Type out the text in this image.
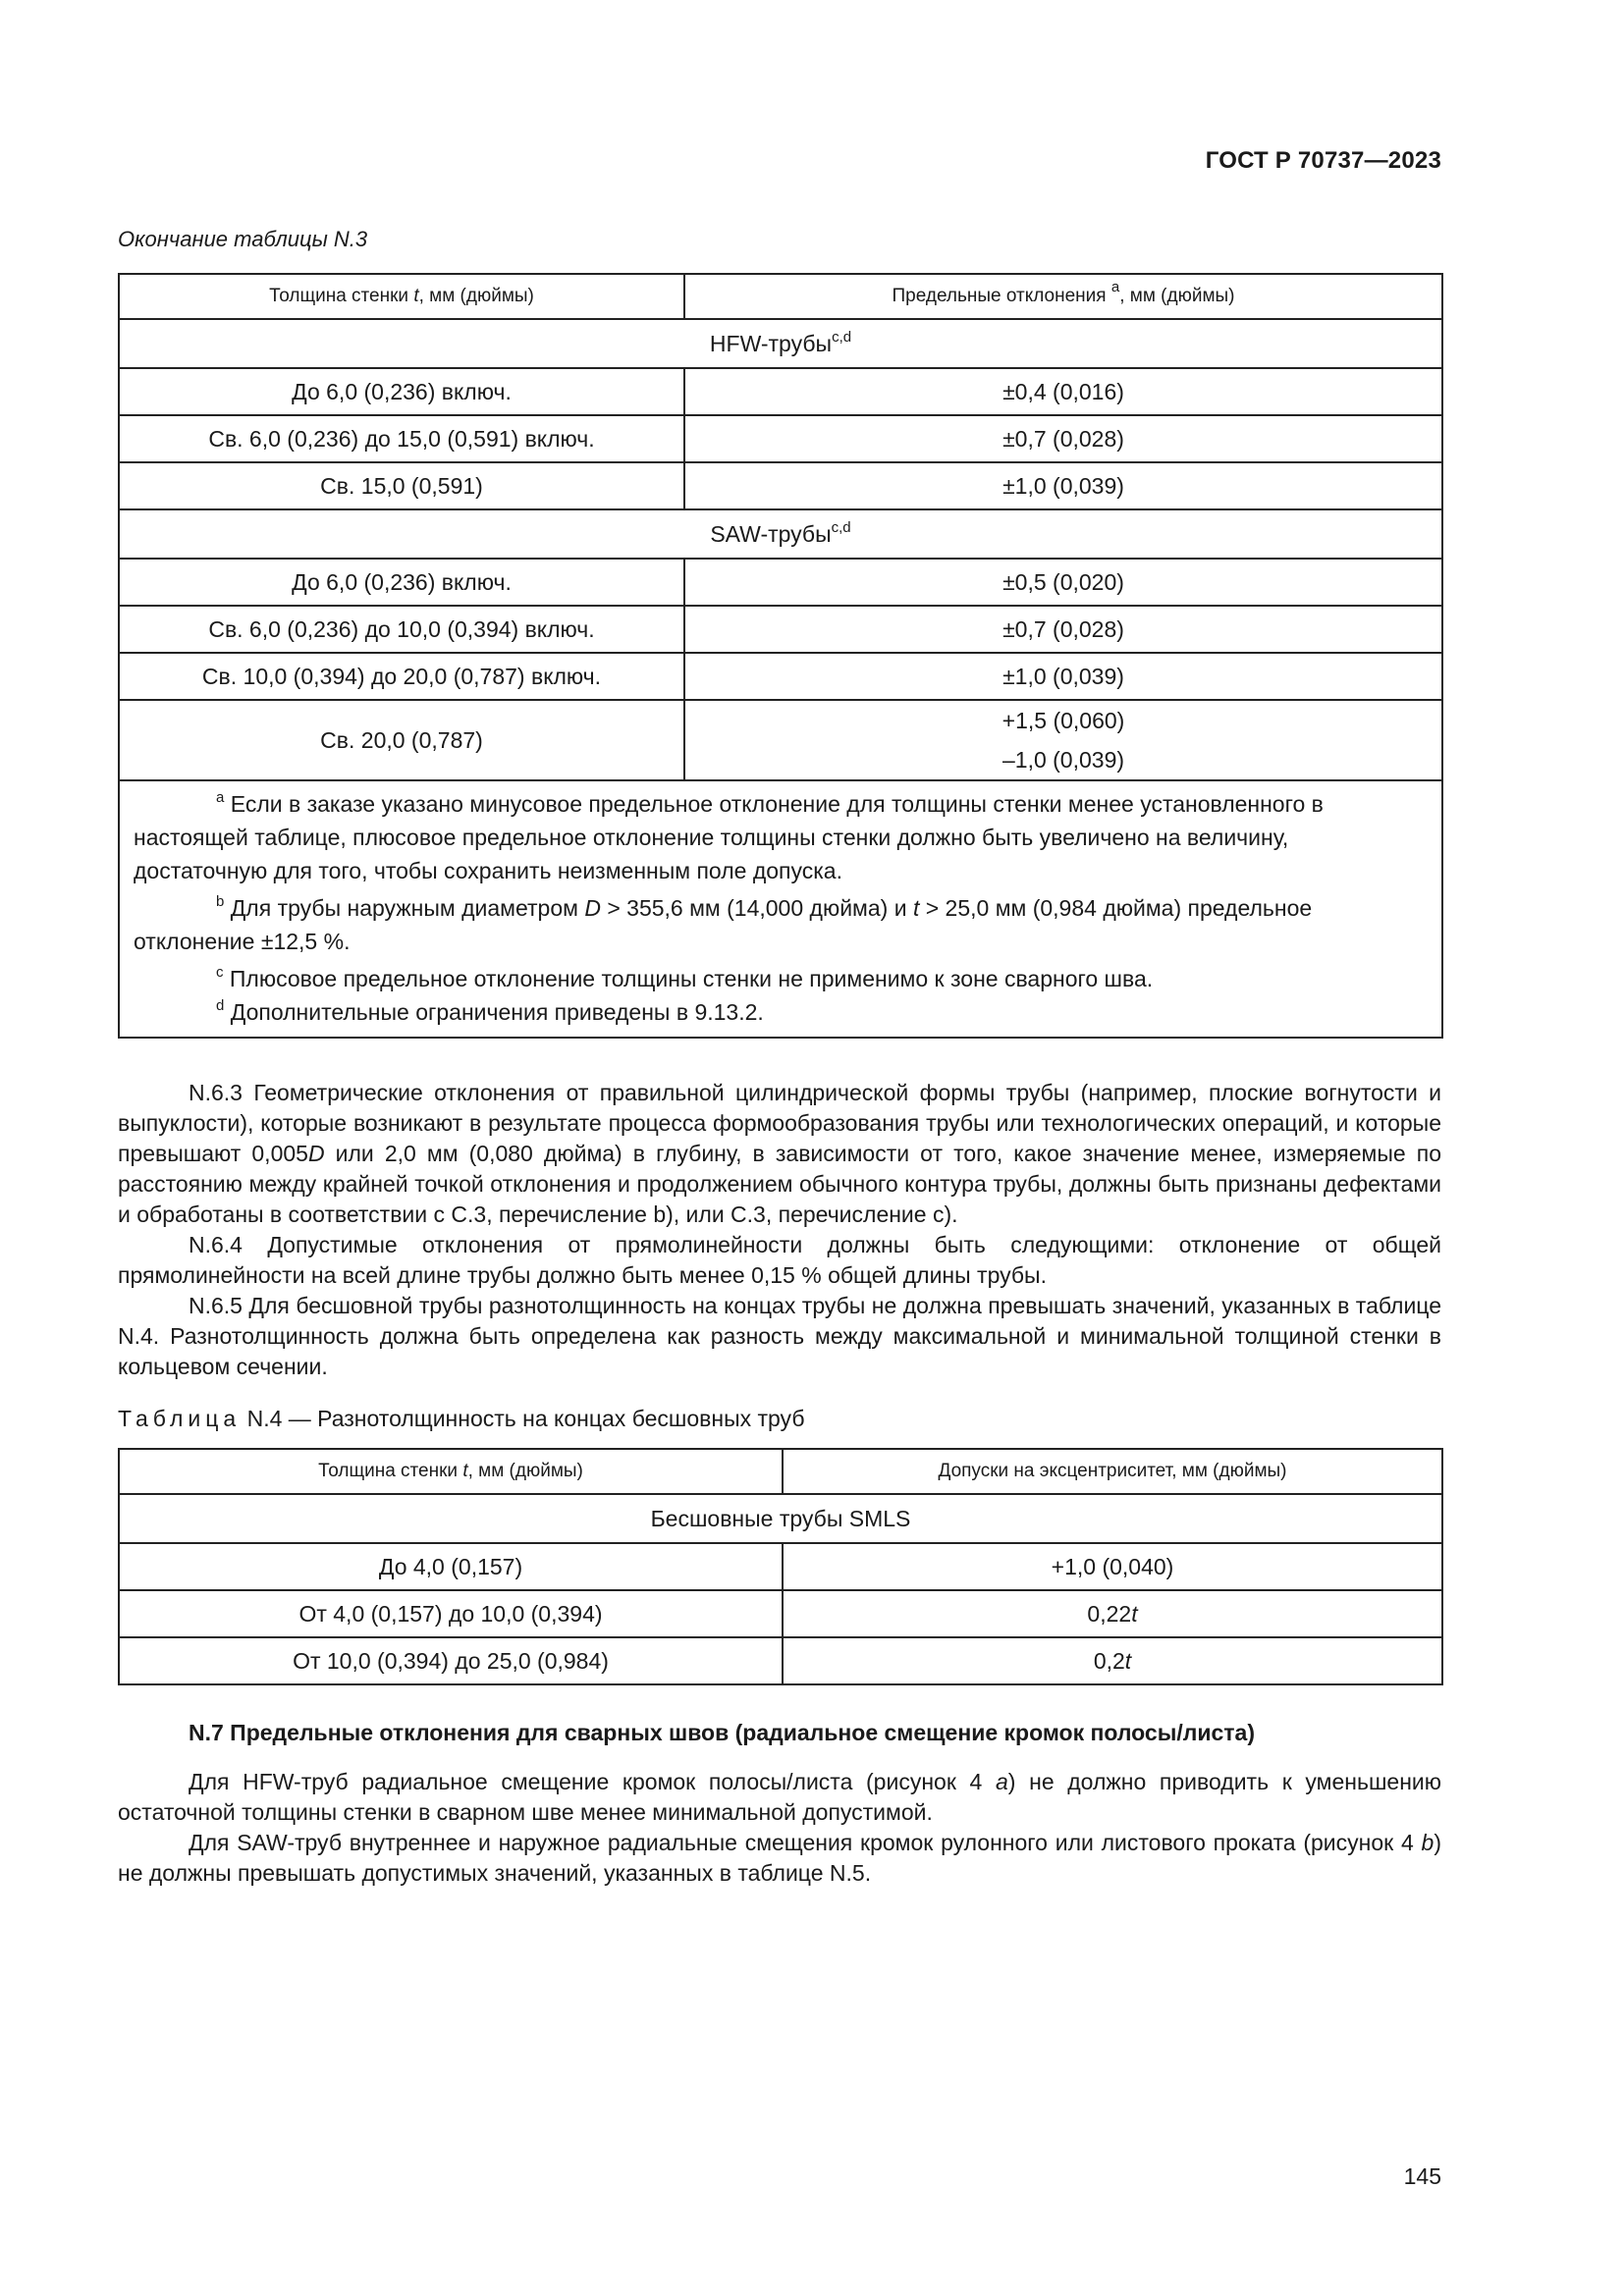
ГОСТ Р 70737—2023
Окончание таблицы N.3
Толщина стенки t, мм (дюймы)	Предельные отклонения $^a$, мм (дюймы)
HFW-трубы$^{c,d}$
До 6,0 (0,236) включ.	±0,4 (0,016)
Св. 6,0 (0,236) до 15,0 (0,591) включ.	±0,7 (0,028)
Св. 15,0 (0,591)	±1,0 (0,039)
SAW-трубы$^{c,d}$
До 6,0 (0,236) включ.	±0,5 (0,020)
Св. 6,0 (0,236) до 10,0 (0,394) включ.	±0,7 (0,028)
Св. 10,0 (0,394) до 20,0 (0,787) включ.	±1,0 (0,039)
Св. 20,0 (0,787)	+1,5 (0,060)
–1,0 (0,039)

$^a$ Если в заказе указано минусовое предельное отклонение для толщины стенки менее установленного в настоящей таблице, плюсовое предельное отклонение толщины стенки должно быть увеличено на величину, достаточную для того, чтобы сохранить неизменным поле допуска.
$^b$ Для трубы наружным диаметром D > 355,6 мм (14,000 дюйма) и t > 25,0 мм (0,984 дюйма) предельное отклонение ±12,5 %.
$^c$ Плюсовое предельное отклонение толщины стенки не применимо к зоне сварного шва.
$^d$ Дополнительные ограничения приведены в 9.13.2.	

N.6.3 Геометрические отклонения от правильной цилиндрической формы трубы (например, плоские вогнутости и выпуклости), которые возникают в результате процесса формообразования трубы или технологических операций, и которые превышают 0,005D или 2,0 мм (0,080 дюйма) в глубину, в зависимости от того, какое значение менее, измеряемые по расстоянию между крайней точкой отклонения и продолжением обычного контура трубы, должны быть признаны дефектами и обработаны в соответствии с С.3, перечисление b), или С.3, перечисление с).

N.6.4 Допустимые отклонения от прямолинейности должны быть следующими: отклонение от общей прямолинейности на всей длине трубы должно быть менее 0,15 % общей длины трубы.

N.6.5 Для бесшовной трубы разнотолщинность на концах трубы не должна превышать значений, указанных в таблице N.4. Разнотолщинность должна быть определена как разность между максимальной и минимальной толщиной стенки в кольцевом сечении.

Таблица N.4 — Разнотолщинность на концах бесшовных труб
Толщина стенки t, мм (дюймы)	Допуски на эксцентриситет, мм (дюймы)
Бесшовные трубы SMLS	
До 4,0 (0,157)	+1,0 (0,040)
От 4,0 (0,157) до 10,0 (0,394)	0,22t
От 10,0 (0,394) до 25,0 (0,984)	0,2t
N.7 Предельные отклонения для сварных швов (радиальное смещение кромок полосы/листа)

Для HFW-труб радиальное смещение кромок полосы/листа (рисунок 4 a) не должно приводить к уменьшению остаточной толщины стенки в сварном шве менее минимальной допустимой.

Для SAW-труб внутреннее и наружное радиальные смещения кромок рулонного или листового проката (рисунок 4 b) не должны превышать допустимых значений, указанных в таблице N.5.

145
